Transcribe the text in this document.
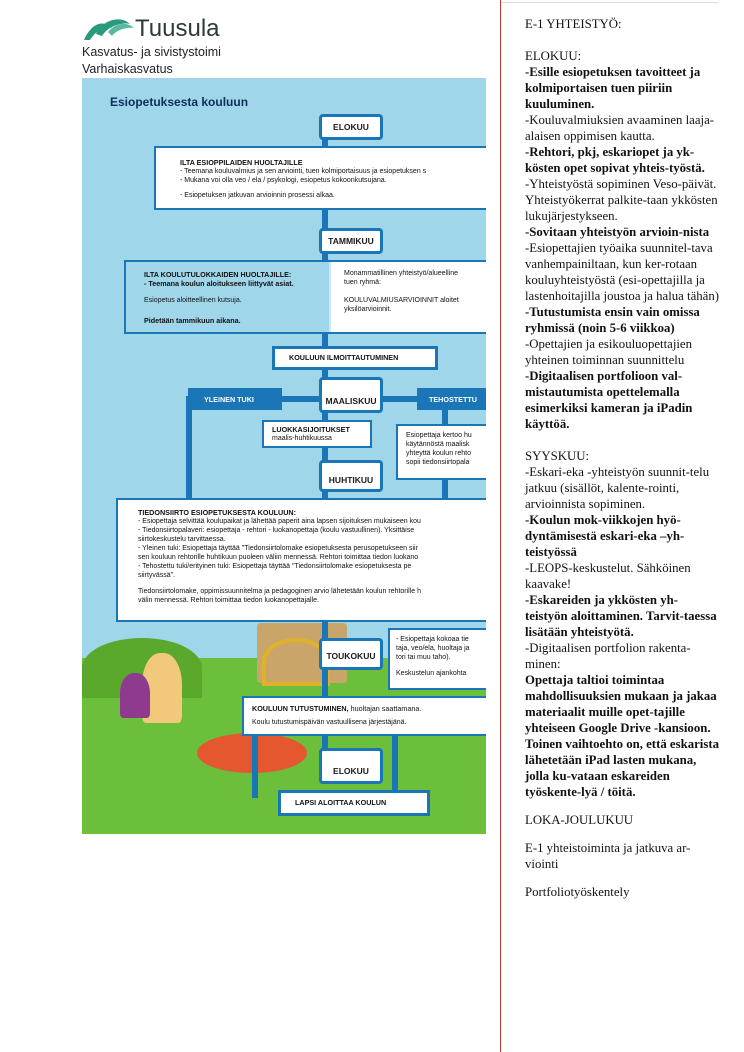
Tuusula
Kasvatus- ja sivistystoimi
Varhaiskasvatus
Esiopetuksesta kouluun
ELOKUU
ILTA ESIOPPILAIDEN HUOLTAJILLE
- Teemana kouluvalmius ja sen arviointi, tuen kolmiportaisuus ja esiopetuksen s
- Mukana voi olla veo / ela / psykologi, esiopetus kokoonkutsujana.
- Esiopetuksen jatkuvan arvioinnin prosessi alkaa.
TAMMIKUU
ILTA KOULUTULOKKAIDEN HUOLTAJILLE:
- Teemana koulun aloitukseen liittyvät asiat.
Esiopetus aloitteellinen kutsuja.
Pidetään tammikuun aikana.
Monammatillinen yhteistyö/alueelline
tuen ryhmä:
KOULUVALMIUSARVIOINNIT aloitet
yksilöarvioinnit.
KOULUUN ILMOITTAUTUMINEN
YLEINEN TUKI	MAALISKUU	TEHOSTETTU
LUOKKASIJOITUKSET
maalis-huhtikuussa	Esiopettaja kertoo hu
käytännöstä maalisk
yhteyttä koulun rehto
sopii tiedonsiirtopala
HUHTIKUU
TIEDONSIIRTO ESIOPETUKSESTA KOULUUN:
- Esiopettaja selvittää koulupaikat ja lähettää paperit aina lapsen sijoituksen mukaiseen kou
- Tiedonsiirtopalaveri: esiopettaja - rehtori - luokanopettaja (koulu vastuullinen). Yksittäise
siirtokeskustelu tarvittaessa.
- Yleinen tuki: Esiopettaja täyttää "Tiedonsiirtolomake esiopetuksesta perusopetukseen siir
sen kouluun rehtorille huhtikuun puoleen väliin mennessä. Rehtori toimittaa tiedon luokano
- Tehostettu tuki/erityinen tuki: Esiopettaja täyttää "Tiedonsiirtolomake esiopetuksesta pe
siirtyvässä".
Tiedonsiirtolomake, oppimissuunnitelma ja pedagoginen arvio lähetetään koulun rehtorille h
välin mennessä. Rehtori toimittaa tiedon luokanopettajalle.
TOUKOKUU
- Esiopettaja kokoaa tie
taja, veo/ela, huoltaja ja
tori tai muu taho).
Keskustelun ajankohta
KOULUUN TUTUSTUMINEN, huoltajan saattamana.
Koulu tutustumispäivän vastuullisena järjestäjänä.
ELOKUU
LAPSI ALOITTAA KOULUN

E-1 YHTEISTYÖ:

ELOKUU:

-Esille esiopetuksen tavoitteet ja kolmiportaisen tuen piiriin kuuluminen.

-Kouluvalmiuksien avaaminen laaja-alaisen oppimisen kautta.

-Rehtori, pkj, eskariopet ja yk-kösten opet sopivat yhteis-työstä.

-Yhteistyöstä sopiminen Veso-päivät. Yhteistyökerrat palkite-taan ykkösten lukujärjestykseen.

-Sovitaan yhteistyön arvioin-nista

-Esiopettajien työaika suunnitel-tava vanhempainiltaan, kun ker-rotaan kouluyhteistyöstä (esi-opettajilla ja lastenhoitajilla joustoa ja halua tähän)

-Tutustumista ensin vain omissa ryhmissä (noin 5-6 viikkoa)

-Opettajien ja esikouluopettajien yhteinen toiminnan suunnittelu

-Digitaalisen portfolioon val-mistautumista opettelemalla esimerkiksi kameran ja iPadin käyttöä.

SYYSKUU:

-Eskari-eka -yhteistyön suunnit-telu jatkuu (sisällöt, kalente-rointi, arvioinnista sopiminen.

-Koulun mok-viikkojen hyö-dyntämisestä eskari-eka –yh-teistyössä

-LEOPS-keskustelut. Sähköinen kaavake!

-Eskareiden ja ykkösten yh-teistyön aloittaminen. Tarvit-taessa lisätään yhteistyötä.

-Digitaalisen portfolion rakenta-minen:

Opettaja taltioi toimintaa mahdollisuuksien mukaan ja jakaa materiaalit muille opet-tajille yhteiseen Google Drive -kansioon. Toinen vaihtoehto on, että eskarista lähetetään iPad lasten mukana, jolla ku-vataan eskareiden työskente-lyä / töitä.

LOKA-JOULUKUU

E-1 yhteistoiminta ja jatkuva ar-viointi

Portfoliotyöskentely
